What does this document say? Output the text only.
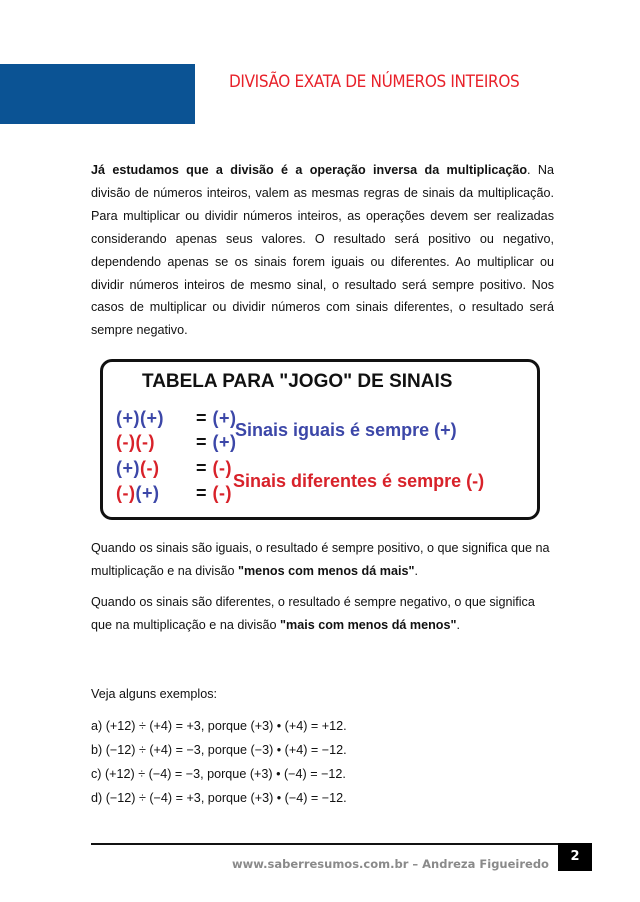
DIVISÃO EXATA DE NÚMEROS INTEIROS

Já estudamos que a divisão é a operação inversa da multiplicação. Na divisão de números inteiros, valem as mesmas regras de sinais da multiplicação. Para multiplicar ou dividir números inteiros, as operações devem ser realizadas considerando apenas seus valores. O resultado será positivo ou negativo, dependendo apenas se os sinais forem iguais ou diferentes. Ao multiplicar ou dividir números inteiros de mesmo sinal, o resultado será sempre positivo. Nos casos de multiplicar ou dividir números com sinais diferentes, o resultado será sempre negativo.

TABELA PARA "JOGO" DE SINAIS
(+)(+) = (+)
(-)(-) = (+)
(+)(-) = (-)
(-)(+) = (-)
Sinais iguais é sempre (+)
Sinais diferentes é sempre (-)

Quando os sinais são iguais, o resultado é sempre positivo, o que significa que na multiplicação e na divisão "menos com menos dá mais".

Quando os sinais são diferentes, o resultado é sempre negativo, o que significa que na multiplicação e na divisão "mais com menos dá menos".

Veja alguns exemplos:

a) (+12) ÷ (+4) = +3, porque (+3) • (+4) = +12.
b) (−12) ÷ (+4) = −3, porque (−3) • (+4) = −12.
c) (+12) ÷ (−4) = −3, porque (+3) • (−4) = −12.
d) (−12) ÷ (−4) = +3, porque (+3) • (−4) = −12.
www.saberresumos.com.br – Andreza Figueiredo	2
